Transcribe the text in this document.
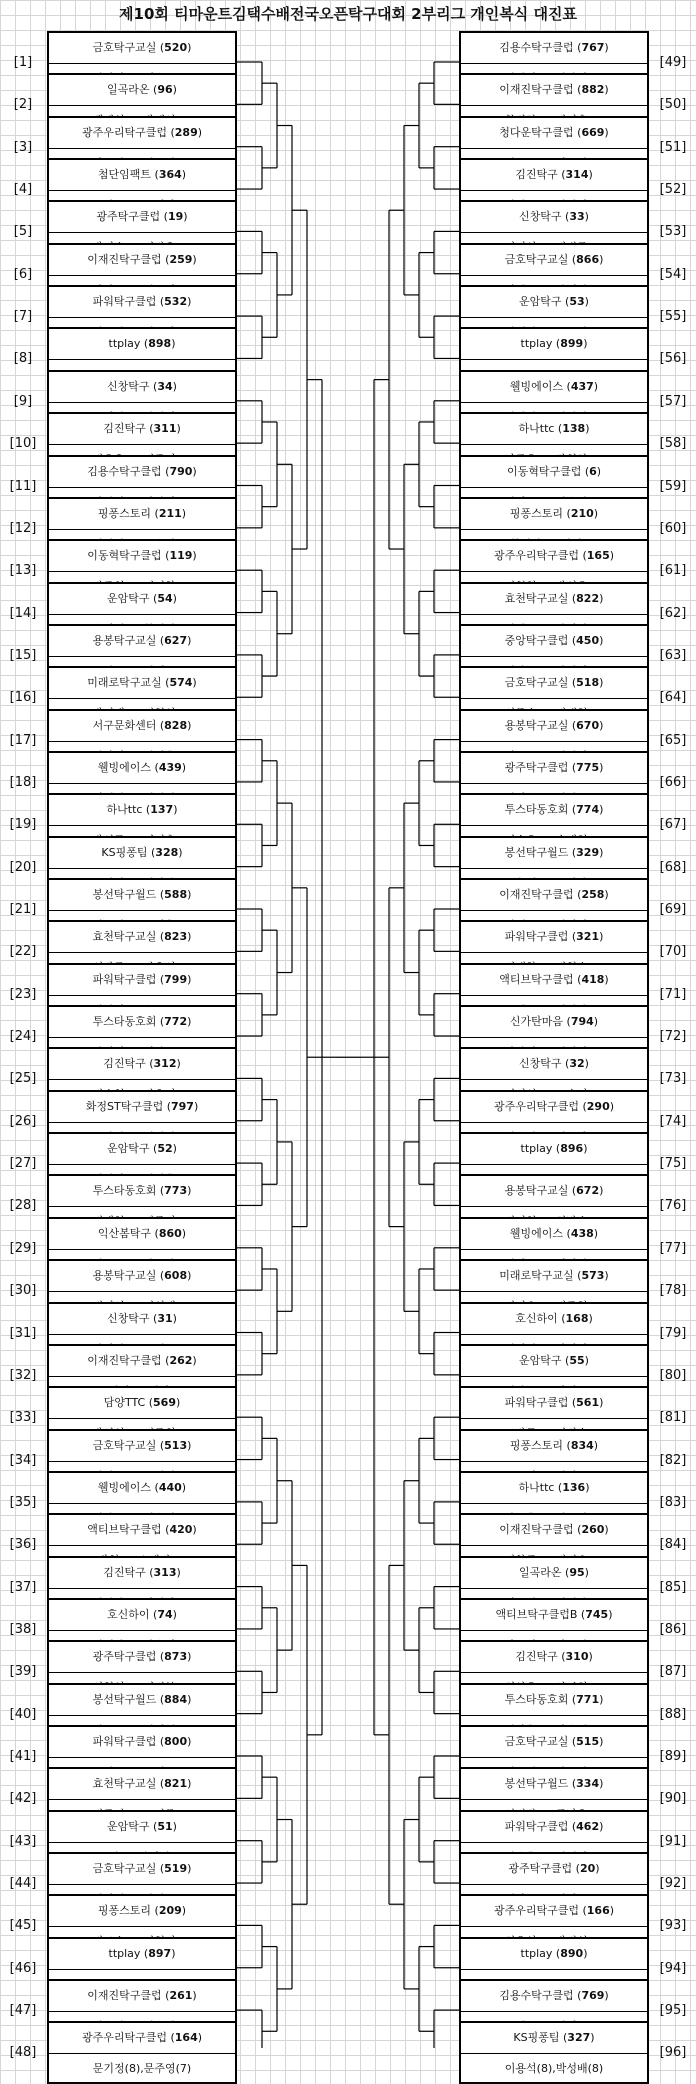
제10회 티마운트김택수배전국오픈탁구대회 2부리그 개인복식 대진표
금호탁구교실 (520)
[1]
일곡라온 (96)
[2]
광주우리탁구클럽 (289)
[3]
첨단임팩트 (364)
[4]
광주탁구클럽 (19)
[5]
이재진탁구클럽 (259)
[6]
파워탁구클럽 (532)
[7]
ttplay (898)
[8]
신창탁구 (34)
[9]
김진탁구 (311)
[10]
김용수탁구클럽 (790)
[11]
핑퐁스토리 (211)
[12]
이동혁탁구클럽 (119)
[13]
운암탁구 (54)
[14]
용봉탁구교실 (627)
[15]
미래로탁구교실 (574)
[16]
서구문화센터 (828)
[17]
웰빙에이스 (439)
[18]
하나ttc (137)
[19]
KS핑퐁팀 (328)
[20]
봉선탁구월드 (588)
[21]
효천탁구교실 (823)
[22]
파워탁구클럽 (799)
[23]
투스타동호회 (772)
[24]
김진탁구 (312)
[25]
화정ST탁구클럽 (797)
[26]
운암탁구 (52)
[27]
투스타동호회 (773)
[28]
익산봄탁구 (860)
[29]
용봉탁구교실 (608)
[30]
신창탁구 (31)
[31]
이재진탁구클럽 (262)
[32]
담양TTC (569)
[33]
금호탁구교실 (513)
[34]
웰빙에이스 (440)
[35]
액티브탁구클럽 (420)
[36]
김진탁구 (313)
[37]
호신하이 (74)
[38]
광주탁구클럽 (873)
[39]
봉선탁구월드 (884)
[40]
파워탁구클럽 (800)
[41]
효천탁구교실 (821)
[42]
운암탁구 (51)
[43]
금호탁구교실 (519)
[44]
핑퐁스토리 (209)
[45]
ttplay (897)
[46]
이재진탁구클럽 (261)
[47]
광주우리탁구클럽 (164)
문기정(8),문주영(7)
[48]
김용수탁구클럽 (767)
[49]
이재진탁구클럽 (882)
[50]
청다운탁구클럽 (669)
[51]
김진탁구 (314)
[52]
신창탁구 (33)
[53]
금호탁구교실 (866)
[54]
운암탁구 (53)
[55]
ttplay (899)
[56]
웰빙에이스 (437)
[57]
하나ttc (138)
[58]
이동혁탁구클럽 (6)
[59]
핑퐁스토리 (210)
[60]
광주우리탁구클럽 (165)
[61]
효천탁구교실 (822)
[62]
중앙탁구클럽 (450)
[63]
금호탁구교실 (518)
[64]
용봉탁구교실 (670)
[65]
광주탁구클럽 (775)
[66]
투스타동호회 (774)
[67]
봉선탁구월드 (329)
[68]
이재진탁구클럽 (258)
[69]
파워탁구클럽 (321)
[70]
액티브탁구클럽 (418)
[71]
신가탄마음 (794)
[72]
신창탁구 (32)
[73]
광주우리탁구클럽 (290)
[74]
ttplay (896)
[75]
용봉탁구교실 (672)
[76]
웰빙에이스 (438)
[77]
미래로탁구교실 (573)
[78]
호신하이 (168)
[79]
운암탁구 (55)
[80]
파워탁구클럽 (561)
[81]
핑퐁스토리 (834)
[82]
하나ttc (136)
[83]
이재진탁구클럽 (260)
[84]
일곡라온 (95)
[85]
액티브탁구클럽B (745)
[86]
김진탁구 (310)
[87]
투스타동호회 (771)
[88]
금호탁구교실 (515)
[89]
봉선탁구월드 (334)
[90]
파워탁구클럽 (462)
[91]
광주탁구클럽 (20)
[92]
광주우리탁구클럽 (166)
[93]
ttplay (890)
[94]
김용수탁구클럽 (769)
[95]
KS핑퐁팀 (327)
이용석(8),박성배(8)
[96]
